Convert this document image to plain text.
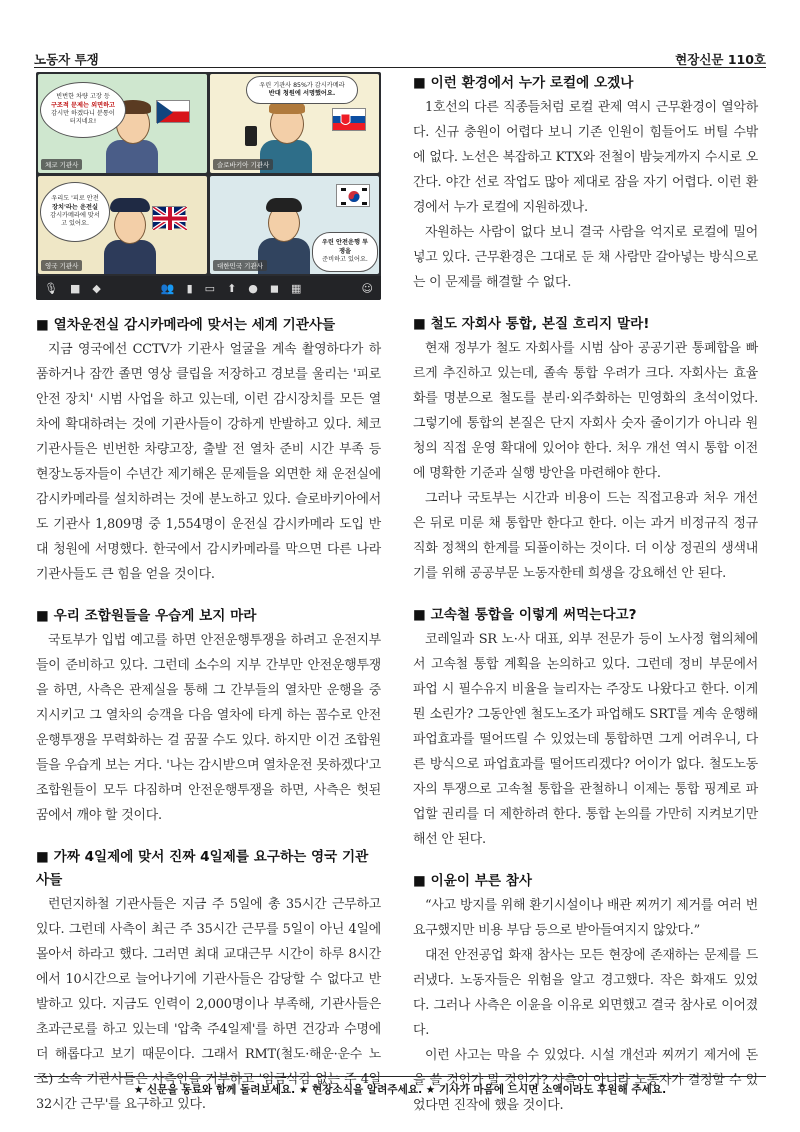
노동자 투쟁	현장신문 110호
빈번한 차량 고장 등
구조적 문제는 외면하고
감시만 하겠다니 분통이
터지네요!
체코 기관사
우린 기관사 85%가 감시카메라
반대 청원에 서명했어요.
슬로바키아 기관사
우리도 '피로 안전
장치'라는 운전실
감시카메라에 맞서
고 있어요.
영국 기관사
우린 안전운행 투쟁을
준비하고 있어요.
대한민국 기관사
🎙 ■ ◆	👥 ▮ ▭ ⬆ ● ◼ ▦	☺
■ 열차운전실 감시카메라에 맞서는 세계 기관사들

지금 영국에선 CCTV가 기관사 얼굴을 계속 촬영하다가 하품하거나 잠깐 졸면 영상 클립을 저장하고 경보를 울리는 '피로 안전 장치' 시범 사업을 하고 있는데, 이런 감시장치를 모든 열차에 확대하려는 것에 기관사들이 강하게 반발하고 있다. 체코 기관사들은 빈번한 차량고장, 출발 전 열차 준비 시간 부족 등 현장노동자들이 수년간 제기해온 문제들을 외면한 채 운전실에 감시카메라를 설치하려는 것에 분노하고 있다. 슬로바키아에서도 기관사 1,809명 중 1,554명이 운전실 감시카메라 도입 반대 청원에 서명했다. 한국에서 감시카메라를 막으면 다른 나라 기관사들도 큰 힘을 얻을 것이다.

■ 우리 조합원들을 우습게 보지 마라

국토부가 입법 예고를 하면 안전운행투쟁을 하려고 운전지부들이 준비하고 있다. 그런데 소수의 지부 간부만 안전운행투쟁을 하면, 사측은 관제실을 통해 그 간부들의 열차만 운행을 중지시키고 그 열차의 승객을 다음 열차에 타게 하는 꼼수로 안전운행투쟁을 무력화하는 걸 꿈꿀 수도 있다. 하지만 이건 조합원들을 우습게 보는 거다. '나는 감시받으며 열차운전 못하겠다'고 조합원들이 모두 다짐하며 안전운행투쟁을 하면, 사측은 헛된 꿈에서 깨야 할 것이다.

■ 가짜 4일제에 맞서 진짜 4일제를 요구하는 영국 기관사들

런던지하철 기관사들은 지금 주 5일에 총 35시간 근무하고 있다. 그런데 사측이 최근 주 35시간 근무를 5일이 아닌 4일에 몰아서 하라고 했다. 그러면 최대 교대근무 시간이 하루 8시간에서 10시간으로 늘어나기에 기관사들은 감당할 수 없다고 반발하고 있다. 지금도 인력이 2,000명이나 부족해, 기관사들은 초과근로를 하고 있는데 '압축 주4일제'를 하면 건강과 수명에 더 해롭다고 보기 때문이다. 그래서 RMT(철도·해운·운수 노조) 소속 기관사들은 사측안을 거부하고 '임금삭감 없는 주 4일 32시간 근무'를 요구하고 있다.

■ 이런 환경에서 누가 로컬에 오겠나

1호선의 다른 직종들처럼 로컬 관제 역시 근무환경이 열악하다. 신규 충원이 어렵다 보니 기존 인원이 힘들어도 버틸 수밖에 없다. 노선은 복잡하고 KTX와 전철이 밤늦게까지 수시로 오간다. 야간 선로 작업도 많아 제대로 잠을 자기 어렵다. 이런 환경에서 누가 로컬에 지원하겠나.

자원하는 사람이 없다 보니 결국 사람을 억지로 로컬에 밀어넣고 있다. 근무환경은 그대로 둔 채 사람만 갈아넣는 방식으로는 이 문제를 해결할 수 없다.

■ 철도 자회사 통합, 본질 흐리지 말라!

현재 정부가 철도 자회사를 시범 삼아 공공기관 통폐합을 빠르게 추진하고 있는데, 졸속 통합 우려가 크다. 자회사는 효율화를 명분으로 철도를 분리·외주화하는 민영화의 초석이었다. 그렇기에 통합의 본질은 단지 자회사 숫자 줄이기가 아니라 원청의 직접 운영 확대에 있어야 한다. 처우 개선 역시 통합 이전에 명확한 기준과 실행 방안을 마련해야 한다.

그러나 국토부는 시간과 비용이 드는 직접고용과 처우 개선은 뒤로 미룬 채 통합만 한다고 한다. 이는 과거 비정규직 정규직화 정책의 한계를 되풀이하는 것이다. 더 이상 정권의 생색내기를 위해 공공부문 노동자한테 희생을 강요해선 안 된다.

■ 고속철 통합을 이렇게 써먹는다고?

코레일과 SR 노·사 대표, 외부 전문가 등이 노사정 협의체에서 고속철 통합 계획을 논의하고 있다. 그런데 정비 부문에서 파업 시 필수유지 비율을 늘리자는 주장도 나왔다고 한다. 이게 뭔 소린가? 그동안엔 철도노조가 파업해도 SRT를 계속 운행해 파업효과를 떨어뜨릴 수 있었는데 통합하면 그게 어려우니, 다른 방식으로 파업효과를 떨어뜨리겠다? 어이가 없다. 철도노동자의 투쟁으로 고속철 통합을 관철하니 이제는 통합 핑계로 파업할 권리를 더 제한하려 한다. 통합 논의를 가만히 지켜보기만 해선 안 된다.

■ 이윤이 부른 참사

“사고 방지를 위해 환기시설이나 배관 찌꺼기 제거를 여러 번 요구했지만 비용 부담 등으로 받아들여지지 않았다.”

대전 안전공업 화재 참사는 모든 현장에 존재하는 문제를 드러냈다. 노동자들은 위험을 알고 경고했다. 작은 화재도 있었다. 그러나 사측은 이윤을 이유로 외면했고 결국 참사로 이어졌다.

이런 사고는 막을 수 있었다. 시설 개선과 찌꺼기 제거에 돈을 쓸 것인가 말 것인가? 사측이 아니라 노동자가 결정할 수 있었다면 진작에 했을 것이다.

★ 신문을 동료와 함께 돌려보세요. ★ 현장소식을 알려주세요. ★ 기사가 마음에 드시면 소액이라도 후원해 주세요.
